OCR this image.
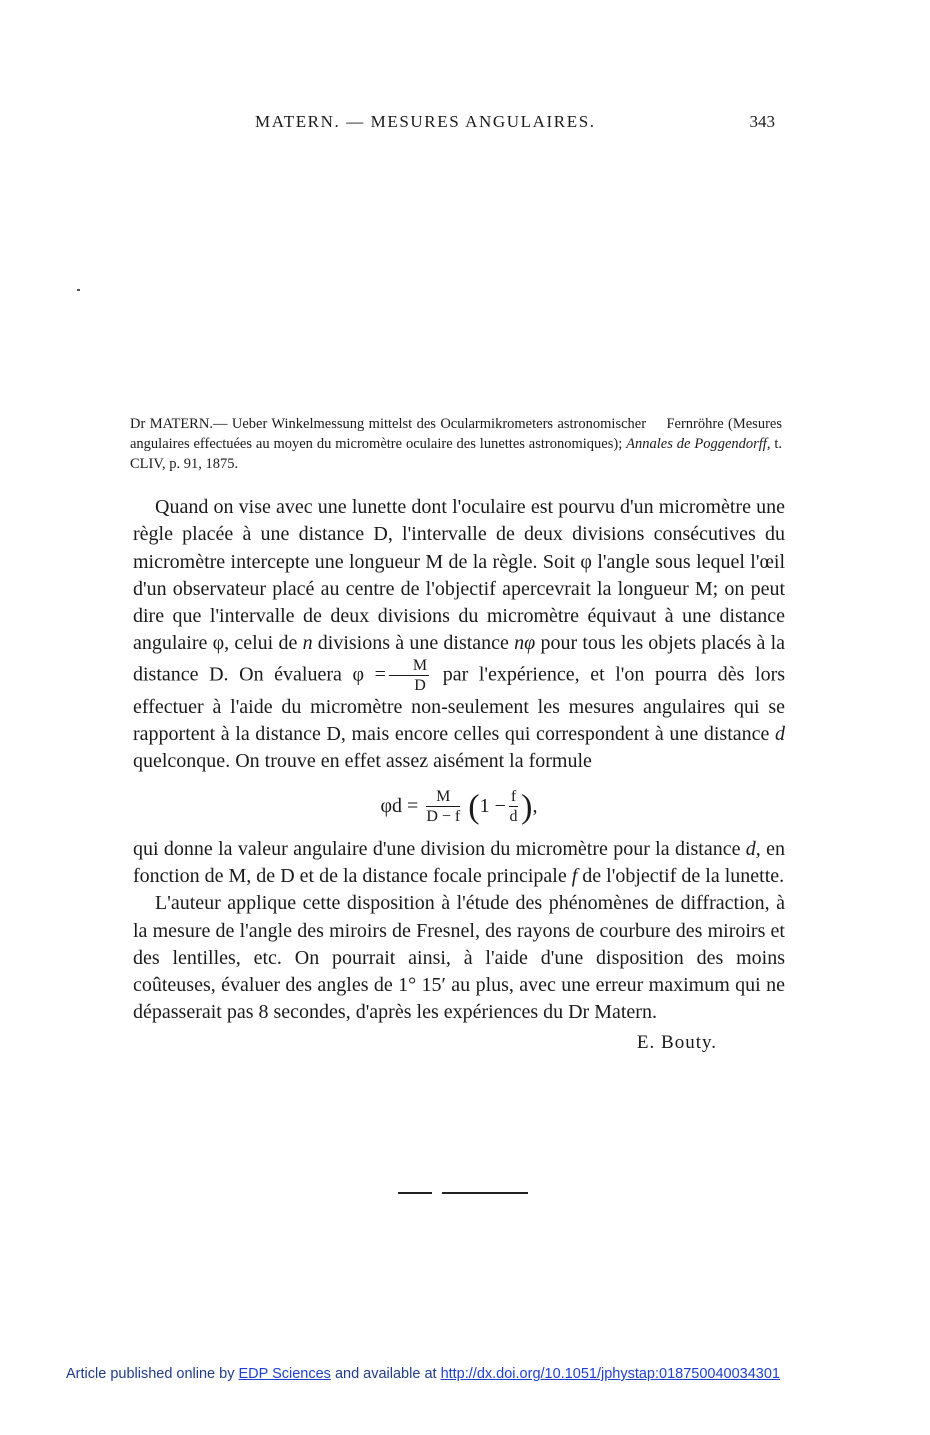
MATERN. — MESURES ANGULAIRES.	343
Dr MATERN.— Ueber Winkelmessung mittelst des Ocularmikrometers astronomischer Fernröhre (Mesures angulaires effectuées au moyen du micromètre oculaire des lunettes astronomiques); Annales de Poggendorff, t. CLIV, p. 91, 1875.

Quand on vise avec une lunette dont l'oculaire est pourvu d'un micromètre une règle placée à une distance D, l'intervalle de deux divisions consécutives du micromètre intercepte une longueur M de la règle. Soit φ l'angle sous lequel l'œil d'un observateur placé au centre de l'objectif apercevrait la longueur M; on peut dire que l'intervalle de deux divisions du micromètre équivaut à une distance angulaire φ, celui de n divisions à une distance nφ pour tous les objets placés à la distance D. On évaluera $\varphi = \frac{M}{D}$ par l'expérience, et l'on pourra dès lors effectuer à l'aide du micromètre non-seulement les mesures angulaires qui se rapportent à la distance D, mais encore celles qui correspondent à une distance d quelconque. On trouve en effet assez aisément la formule

$\varphi d = \frac{M}{D - f} (1 - \frac{f}{d}$ ),

qui donne la valeur angulaire d'une division du micromètre pour la distance d, en fonction de M, de D et de la distance focale principale f de l'objectif de la lunette.

L'auteur applique cette disposition à l'étude des phénomènes de diffraction, à la mesure de l'angle des miroirs de Fresnel, des rayons de courbure des miroirs et des lentilles, etc. On pourrait ainsi, à l'aide d'une disposition des moins coûteuses, évaluer des angles de 1° 15′ au plus, avec une erreur maximum qui ne dépasserait pas 8 secondes, d'après les expériences du Dr Matern.

E. Bouty.
Article published online by EDP Sciences and available at http://dx.doi.org/10.1051/jphystap:018750040034301
